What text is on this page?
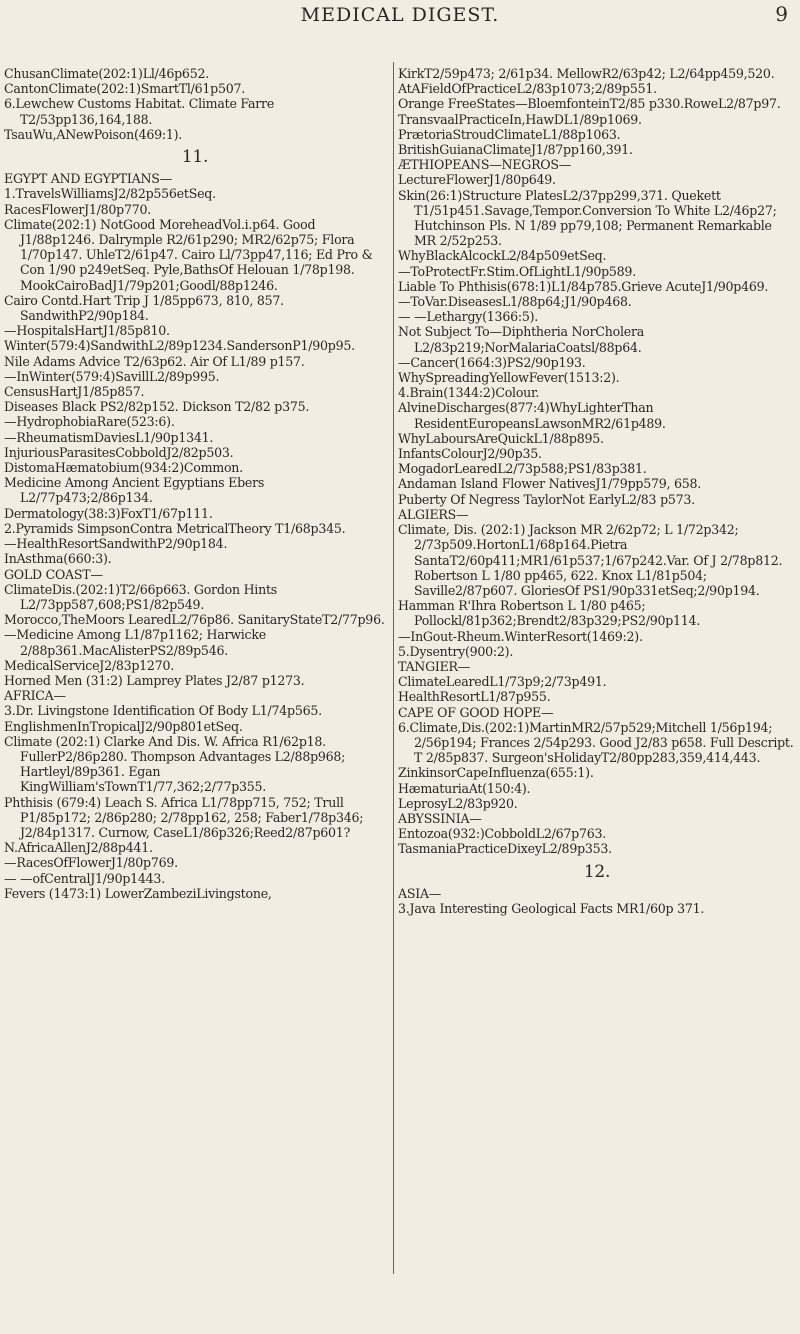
MEDICAL DIGEST.	9

ChusanClimate(202:1)Ll/46p652.

CantonClimate(202:1)SmartTl/61p507.

6.Lewchew Customs Habitat. Climate Farre T2/53pp136,164,188.

TsauWu,ANewPoison(469:1).

11.

EGYPT AND EGYPTIANS—

1.TravelsWilliamsJ2/82p556etSeq.

RacesFlowerJ1/80p770.

Climate(202:1) NotGood MoreheadVol.i.p64. Good J1/88p1246. Dalrymple R2/61p290; MR2/62p75; Flora 1/70p147. UhleT2/61p47. Cairo Ll/73pp47,116; Ed Pro & Con 1/90 p249etSeq. Pyle,BathsOf Helouan 1/78p198. MookCairoBadJ1/79p201;Goodl/88p1246.

Cairo Contd.Hart Trip J 1/85pp673, 810, 857. SandwithP2/90p184.

—HospitalsHartJ1/85p810.

Winter(579:4)SandwithL2/89p1234.SandersonP1/90p95.

Nile Adams Advice T2/63p62. Air Of L1/89 p157.

—InWinter(579:4)SavillL2/89p995.

CensusHartJ1/85p857.

Diseases Black PS2/82p152. Dickson T2/82 p375.

—HydrophobiaRare(523:6).

—RheumatismDaviesL1/90p1341.

InjuriousParasitesCobboldJ2/82p503.

DistomaHæmatobium(934:2)Common.

Medicine Among Ancient Egyptians Ebers L2/77p473;2/86p134.

Dermatology(38:3)FoxT1/67p111.

2.Pyramids SimpsonContra MetricalTheory T1/68p345.

—HealthResortSandwithP2/90p184.

InAsthma(660:3).

GOLD COAST—

ClimateDis.(202:1)T2/66p663. Gordon Hints L2/73pp587,608;PS1/82p549.

Morocco,TheMoors LearedL2/76p86. SanitaryStateT2/77p96.

—Medicine Among L1/87p1162; Harwicke 2/88p361.MacAlisterPS2/89p546.

MedicalServiceJ2/83p1270.

Horned Men (31:2) Lamprey Plates J2/87 p1273.

AFRICA—

3.Dr. Livingstone Identification Of Body L1/74p565.

EnglishmenInTropicalJ2/90p801etSeq.

Climate (202:1) Clarke And Dis. W. Africa R1/62p18. FullerP2/86p280. Thompson Advantages L2/88p968; Hartleyl/89p361. Egan KingWilliam'sTownT1/77,362;2/77p355.

Phthisis (679:4) Leach S. Africa L1/78pp715, 752; Trull P1/85p172; 2/86p280; 2/78pp162, 258; Faber1/78p346; J2/84p1317. Curnow, CaseL1/86p326;Reed2/87p601?

N.AfricaAllenJ2/88p441.

—RacesOfFlowerJ1/80p769.

— —ofCentralJ1/90p1443.

Fevers (1473:1) LowerZambeziLivingstone,

KirkT2/59p473; 2/61p34. MellowR2/63p42; L2/64pp459,520.

AtAFieldOfPracticeL2/83p1073;2/89p551.

Orange FreeStates—BloemfonteinT2/85 p330.RoweL2/87p97.

TransvaalPracticeIn,HawDL1/89p1069.

PrætoriaStroudClimateL1/88p1063.

BritishGuianaClimateJ1/87pp160,391.

ÆTHIOPEANS—NEGROS—

LectureFlowerJ1/80p649.

Skin(26:1)Structure PlatesL2/37pp299,371. Quekett T1/51p451.Savage,Tempor.Conversion To White L2/46p27; Hutchinson Pls. N 1/89 pp79,108; Permanent Remarkable MR 2/52p253.

WhyBlackAlcockL2/84p509etSeq.

—ToProtectFr.Stim.OfLightL1/90p589.

Liable To Phthisis(678:1)L1/84p785.Grieve AcuteJ1/90p469.

—ToVar.DiseasesL1/88p64;J1/90p468.

— —Lethargy(1366:5).

Not Subject To—Diphtheria NorCholera L2/83p219;NorMalariaCoatsl/88p64.

—Cancer(1664:3)PS2/90p193.

WhySpreadingYellowFever(1513:2).

4.Brain(1344:2)Colour.

AlvineDischarges(877:4)WhyLighterThan ResidentEuropeansLawsonMR2/61p489.

WhyLaboursAreQuickL1/88p895.

InfantsColourJ2/90p35.

MogadorLearedL2/73p588;PS1/83p381.

Andaman Island Flower NativesJ1/79pp579, 658.

Puberty Of Negress TaylorNot EarlyL2/83 p573.

ALGIERS—

Climate, Dis. (202:1) Jackson MR 2/62p72; L 1/72p342; 2/73p509.HortonL1/68p164.Pietra SantaT2/60p411;MR1/61p537;1/67p242.Var. Of J 2/78p812. Robertson L 1/80 pp465, 622. Knox L1/81p504; Saville2/87p607. GloriesOf PS1/90p331etSeq;2/90p194.

Hamman R'Ihra Robertson L 1/80 p465; Pollockl/81p362;Brendt2/83p329;PS2/90p114.

—InGout-Rheum.WinterResort(1469:2).

5.Dysentry(900:2).

TANGIER—

ClimateLearedL1/73p9;2/73p491.

HealthResortL1/87p955.

CAPE OF GOOD HOPE—

6.Climate,Dis.(202:1)MartinMR2/57p529;Mitchell 1/56p194; 2/56p194; Frances 2/54p293. Good J2/83 p658. Full Descript. T 2/85p837. Surgeon'sHolidayT2/80pp283,359,414,443.

ZinkinsorCapeInfluenza(655:1).

HæmaturiaAt(150:4).

LeprosyL2/83p920.

ABYSSINIA—

Entozoa(932:)CobboldL2/67p763.

TasmaniaPracticeDixeyL2/89p353.

12.

ASIA—

3.Java Interesting Geological Facts MR1/60p 371.
